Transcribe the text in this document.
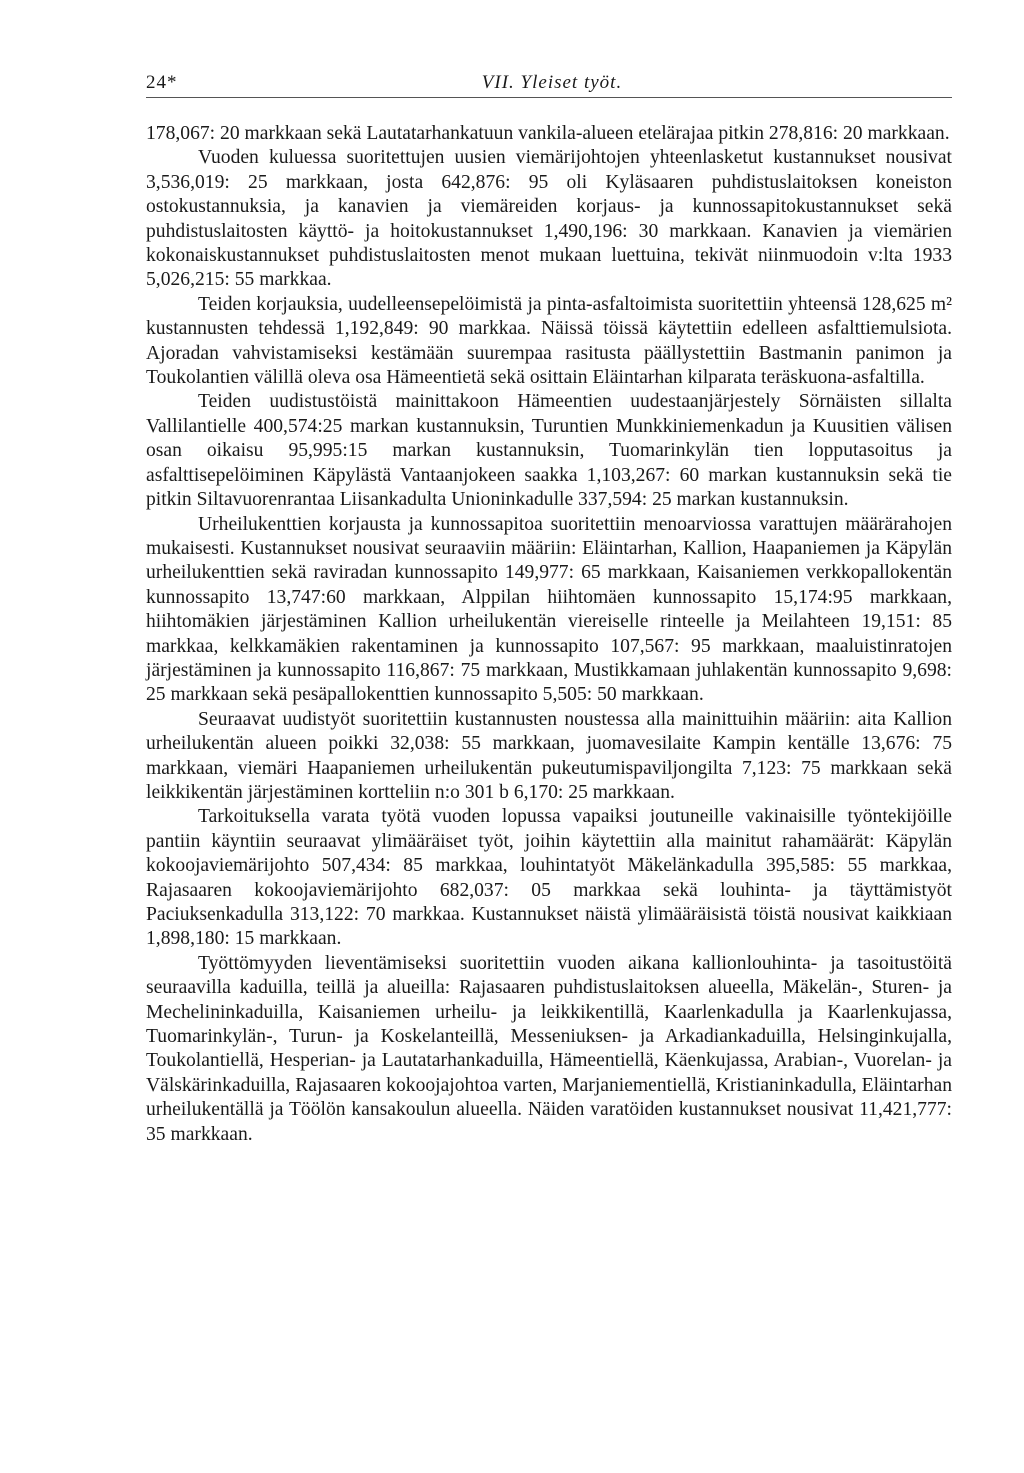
24*	VII. Yleiset työt.

178,067: 20 markkaan sekä Lautatarhankatuun vankila-alueen etelärajaa pitkin 278,816: 20 markkaan.

Vuoden kuluessa suoritettujen uusien viemärijohtojen yhteenlasketut kustannukset nousivat 3,536,019: 25 markkaan, josta 642,876: 95 oli Kyläsaaren puhdistuslaitoksen koneiston ostokustannuksia, ja kanavien ja viemäreiden korjaus- ja kunnossapitokustannukset sekä puhdistuslaitosten käyttö- ja hoitokustannukset 1,490,196: 30 markkaan. Kanavien ja viemärien kokonaiskustannukset puhdistuslaitosten menot mukaan luettuina, tekivät niinmuodoin v:lta 1933 5,026,215: 55 markkaa.

Teiden korjauksia, uudelleensepelöimistä ja pinta-asfaltoimista suoritettiin yhteensä 128,625 m² kustannusten tehdessä 1,192,849: 90 markkaa. Näissä töissä käytettiin edelleen asfalttiemulsiota. Ajoradan vahvistamiseksi kestämään suurempaa rasitusta päällystettiin Bastmanin panimon ja Toukolantien välillä oleva osa Hämeentietä sekä osittain Eläintarhan kilparata teräskuona-asfaltilla.

Teiden uudistustöistä mainittakoon Hämeentien uudestaanjärjestely Sörnäisten sillalta Vallilantielle 400,574:25 markan kustannuksin, Turuntien Munkkiniemenkadun ja Kuusitien välisen osan oikaisu 95,995:15 markan kustannuksin, Tuomarinkylän tien lopputasoitus ja asfalttisepelöiminen Käpylästä Vantaanjokeen saakka 1,103,267: 60 markan kustannuksin sekä tie pitkin Siltavuorenrantaa Liisankadulta Unioninkadulle 337,594: 25 markan kustannuksin.

Urheilukenttien korjausta ja kunnossapitoa suoritettiin menoarviossa varattujen määrärahojen mukaisesti. Kustannukset nousivat seuraaviin määriin: Eläintarhan, Kallion, Haapaniemen ja Käpylän urheilukenttien sekä raviradan kunnossapito 149,977: 65 markkaan, Kaisaniemen verkkopallokentän kunnossapito 13,747:60 markkaan, Alppilan hiihtomäen kunnossapito 15,174:95 markkaan, hiihtomäkien järjestäminen Kallion urheilukentän viereiselle rinteelle ja Meilahteen 19,151: 85 markkaa, kelkkamäkien rakentaminen ja kunnossapito 107,567: 95 markkaan, maaluistinratojen järjestäminen ja kunnossapito 116,867: 75 markkaan, Mustikkamaan juhlakentän kunnossapito 9,698: 25 markkaan sekä pesäpallokenttien kunnossapito 5,505: 50 markkaan.

Seuraavat uudistyöt suoritettiin kustannusten noustessa alla mainittuihin määriin: aita Kallion urheilukentän alueen poikki 32,038: 55 markkaan, juomavesilaite Kampin kentälle 13,676: 75 markkaan, viemäri Haapaniemen urheilukentän pukeutumispaviljongilta 7,123: 75 markkaan sekä leikkikentän järjestäminen kortteliin n:o 301 b 6,170: 25 markkaan.

Tarkoituksella varata työtä vuoden lopussa vapaiksi joutuneille vakinaisille työntekijöille pantiin käyntiin seuraavat ylimääräiset työt, joihin käytettiin alla mainitut rahamäärät: Käpylän kokoojaviemärijohto 507,434: 85 markkaa, louhintatyöt Mäkelänkadulla 395,585: 55 markkaa, Rajasaaren kokoojaviemärijohto 682,037: 05 markkaa sekä louhinta- ja täyttämistyöt Paciuksenkadulla 313,122: 70 markkaa. Kustannukset näistä ylimääräisistä töistä nousivat kaikkiaan 1,898,180: 15 markkaan.

Työttömyyden lieventämiseksi suoritettiin vuoden aikana kallionlouhinta- ja tasoitustöitä seuraavilla kaduilla, teillä ja alueilla: Rajasaaren puhdistuslaitoksen alueella, Mäkelän-, Sturen- ja Mechelininkaduilla, Kaisaniemen urheilu- ja leikkikentillä, Kaarlenkadulla ja Kaarlenkujassa, Tuomarinkylän-, Turun- ja Koskelanteillä, Messeniuksen- ja Arkadiankaduilla, Helsinginkujalla, Toukolantiellä, Hesperian- ja Lautatarhankaduilla, Hämeentiellä, Käenkujassa, Arabian-, Vuorelan- ja Välskärinkaduilla, Rajasaaren kokoojajohtoa varten, Marjaniementiellä, Kristianinkadulla, Eläintarhan urheilukentällä ja Töölön kansakoulun alueella. Näiden varatöiden kustannukset nousivat 11,421,777: 35 markkaan.
